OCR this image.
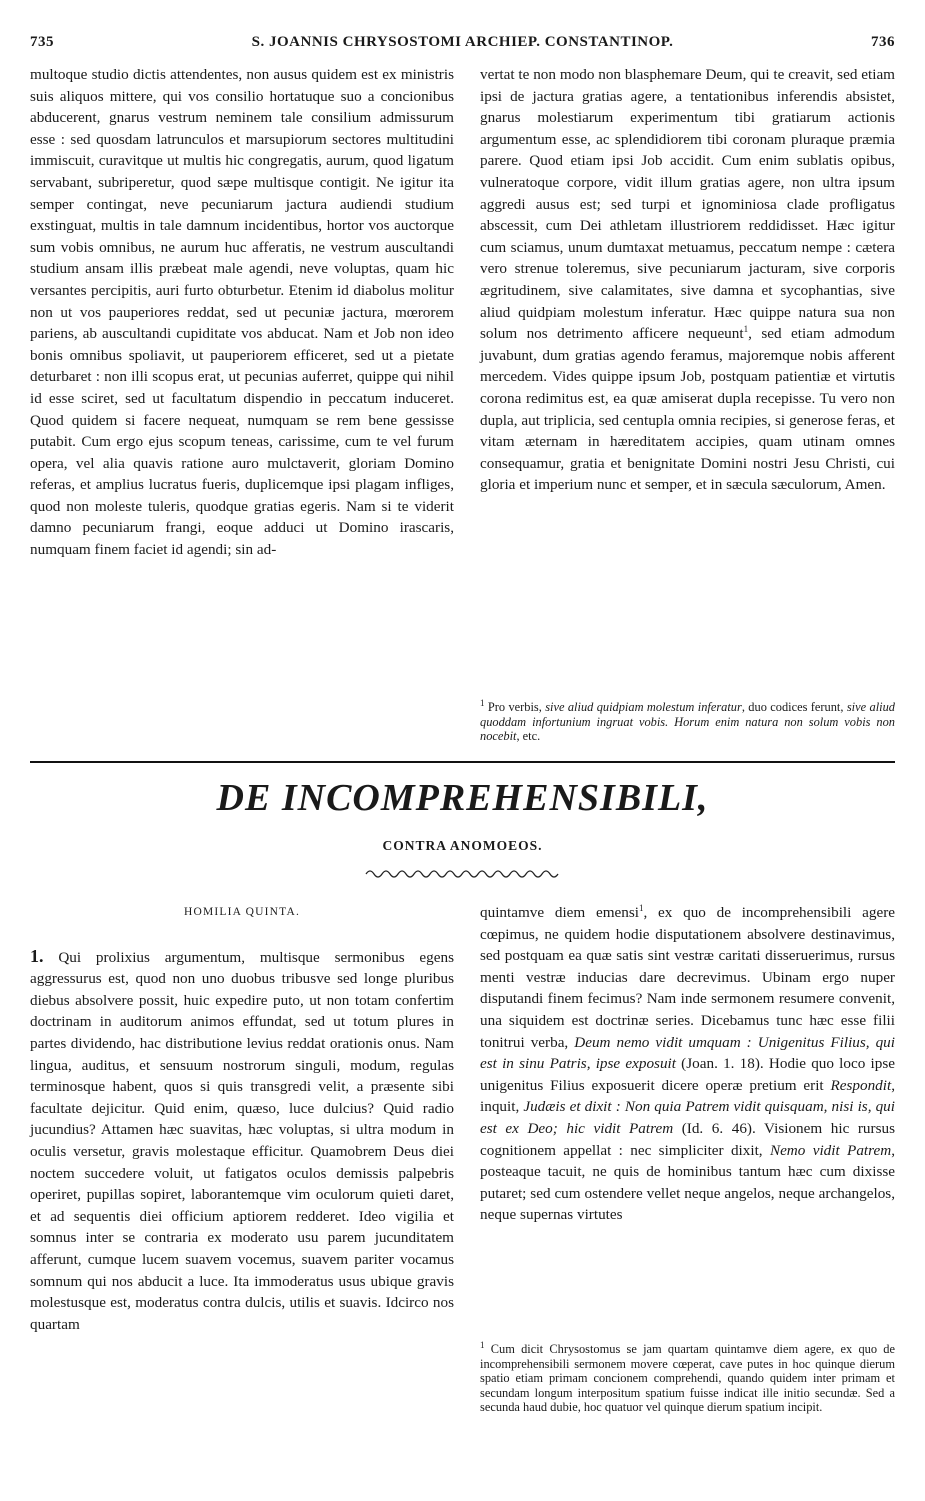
735	S. JOANNIS CHRYSOSTOMI ARCHIEP. CONSTANTINOP.	736

multoque studio dictis attendentes, non ausus quidem est ex ministris suis aliquos mittere, qui vos consilio hortatuque suo a concionibus abducerent, gnarus vestrum neminem tale consilium admissurum esse : sed quosdam latrunculos et marsupiorum sectores multitudini immiscuit, curavitque ut multis hic congregatis, aurum, quod ligatum servabant, subriperetur, quod sæpe multisque contigit. Ne igitur ita semper contingat, neve pecuniarum jactura audiendi studium exstinguat, multis in tale damnum incidentibus, hortor vos auctorque sum vobis omnibus, ne aurum huc afferatis, ne vestrum auscultandi studium ansam illis præbeat male agendi, neve voluptas, quam hic versantes percipitis, auri furto obturbetur. Etenim id diabolus molitur non ut vos pauperiores reddat, sed ut pecuniæ jactura, mœrorem pariens, ab auscultandi cupiditate vos abducat. Nam et Job non ideo bonis omnibus spoliavit, ut pauperiorem efficeret, sed ut a pietate deturbaret : non illi scopus erat, ut pecunias auferret, quippe qui nihil id esse sciret, sed ut facultatum dispendio in peccatum induceret. Quod quidem si facere nequeat, numquam se rem bene gessisse putabit. Cum ergo ejus scopum teneas, carissime, cum te vel furum opera, vel alia quavis ratione auro mulctaverit, gloriam Domino referas, et amplius lucratus fueris, duplicemque ipsi plagam infliges, quod non moleste tuleris, quodque gratias egeris. Nam si te viderit damno pecuniarum frangi, eoque adduci ut Domino irascaris, numquam finem faciet id agendi; sin ad-

vertat te non modo non blasphemare Deum, qui te creavit, sed etiam ipsi de jactura gratias agere, a tentationibus inferendis absistet, gnarus molestiarum experimentum tibi gratiarum actionis argumentum esse, ac splendidiorem tibi coronam pluraque præmia parere. Quod etiam ipsi Job accidit. Cum enim sublatis opibus, vulneratoque corpore, vidit illum gratias agere, non ultra ipsum aggredi ausus est; sed turpi et ignominiosa clade profligatus abscessit, cum Dei athletam illustriorem reddidisset. Hæc igitur cum sciamus, unum dumtaxat metuamus, peccatum nempe : cætera vero strenue toleremus, sive pecuniarum jacturam, sive corporis ægritudinem, sive calamitates, sive damna et sycophantias, sive aliud quidpiam molestum inferatur. Hæc quippe natura sua non solum nos detrimento afficere nequeunt$^1$, sed etiam admodum juvabunt, dum gratias agendo feramus, majoremque nobis afferent mercedem. Vides quippe ipsum Job, postquam patientiæ et virtutis corona redimitus est, ea quæ amiserat dupla recepisse. Tu vero non dupla, aut triplicia, sed centupla omnia recipies, si generose feras, et vitam æternam in hæreditatem accipies, quam utinam omnes consequamur, gratia et benignitate Domini nostri Jesu Christi, cui gloria et imperium nunc et semper, et in sæcula sæculorum, Amen.

$^1$ Pro verbis, sive aliud quidpiam molestum inferatur, duo codices ferunt, sive aliud quoddam infortunium ingruat vobis. Horum enim natura non solum vobis non nocebit, etc.

DE INCOMPREHENSIBILI,
CONTRA ANOMOEOS.
HOMILIA QUINTA.

1. Qui prolixius argumentum, multisque sermonibus egens aggressurus est, quod non uno duobus tribusve sed longe pluribus diebus absolvere possit, huic expedire puto, ut non totam confertim doctrinam in auditorum animos effundat, sed ut totum plures in partes dividendo, hac distributione levius reddat orationis onus. Nam lingua, auditus, et sensuum nostrorum singuli, modum, regulas terminosque habent, quos si quis transgredi velit, a præsente sibi facultate dejicitur. Quid enim, quæso, luce dulcius? Quid radio jucundius? Attamen hæc suavitas, hæc voluptas, si ultra modum in oculis versetur, gravis molestaque efficitur. Quamobrem Deus diei noctem succedere voluit, ut fatigatos oculos demissis palpebris operiret, pupillas sopiret, laborantemque vim oculorum quieti daret, et ad sequentis diei officium aptiorem redderet. Ideo vigilia et somnus inter se contraria ex moderato usu parem jucunditatem afferunt, cumque lucem suavem vocemus, suavem pariter vocamus somnum qui nos abducit a luce. Ita immoderatus usus ubique gravis molestusque est, moderatus contra dulcis, utilis et suavis. Idcirco nos quartam

quintamve diem emensi$^1$, ex quo de incomprehensibili agere cœpimus, ne quidem hodie disputationem absolvere destinavimus, sed postquam ea quæ satis sint vestræ caritati disseruerimus, rursus menti vestræ inducias dare decrevimus. Ubinam ergo nuper disputandi finem fecimus? Nam inde sermonem resumere convenit, una siquidem est doctrinæ series. Dicebamus tunc hæc esse filii tonitrui verba, Deum nemo vidit umquam : Unigenitus Filius, qui est in sinu Patris, ipse exposuit (Joan. 1. 18). Hodie quo loco ipse unigenitus Filius exposuerit dicere operæ pretium erit Respondit, inquit, Judæis et dixit : Non quia Patrem vidit quisquam, nisi is, qui est ex Deo; hic vidit Patrem (Id. 6. 46). Visionem hic rursus cognitionem appellat : nec simpliciter dixit, Nemo vidit Patrem, posteaque tacuit, ne quis de hominibus tantum hæc cum dixisse putaret; sed cum ostendere vellet neque angelos, neque archangelos, neque supernas virtutes

$^1$ Cum dicit Chrysostomus se jam quartam quintamve diem agere, ex quo de incomprehensibili sermonem movere cœperat, cave putes in hoc quinque dierum spatio etiam primam concionem comprehendi, quando quidem inter primam et secundam longum interpositum spatium fuisse indicat ille initio secundæ. Sed a secunda haud dubie, hoc quatuor vel quinque dierum spatium incipit.
